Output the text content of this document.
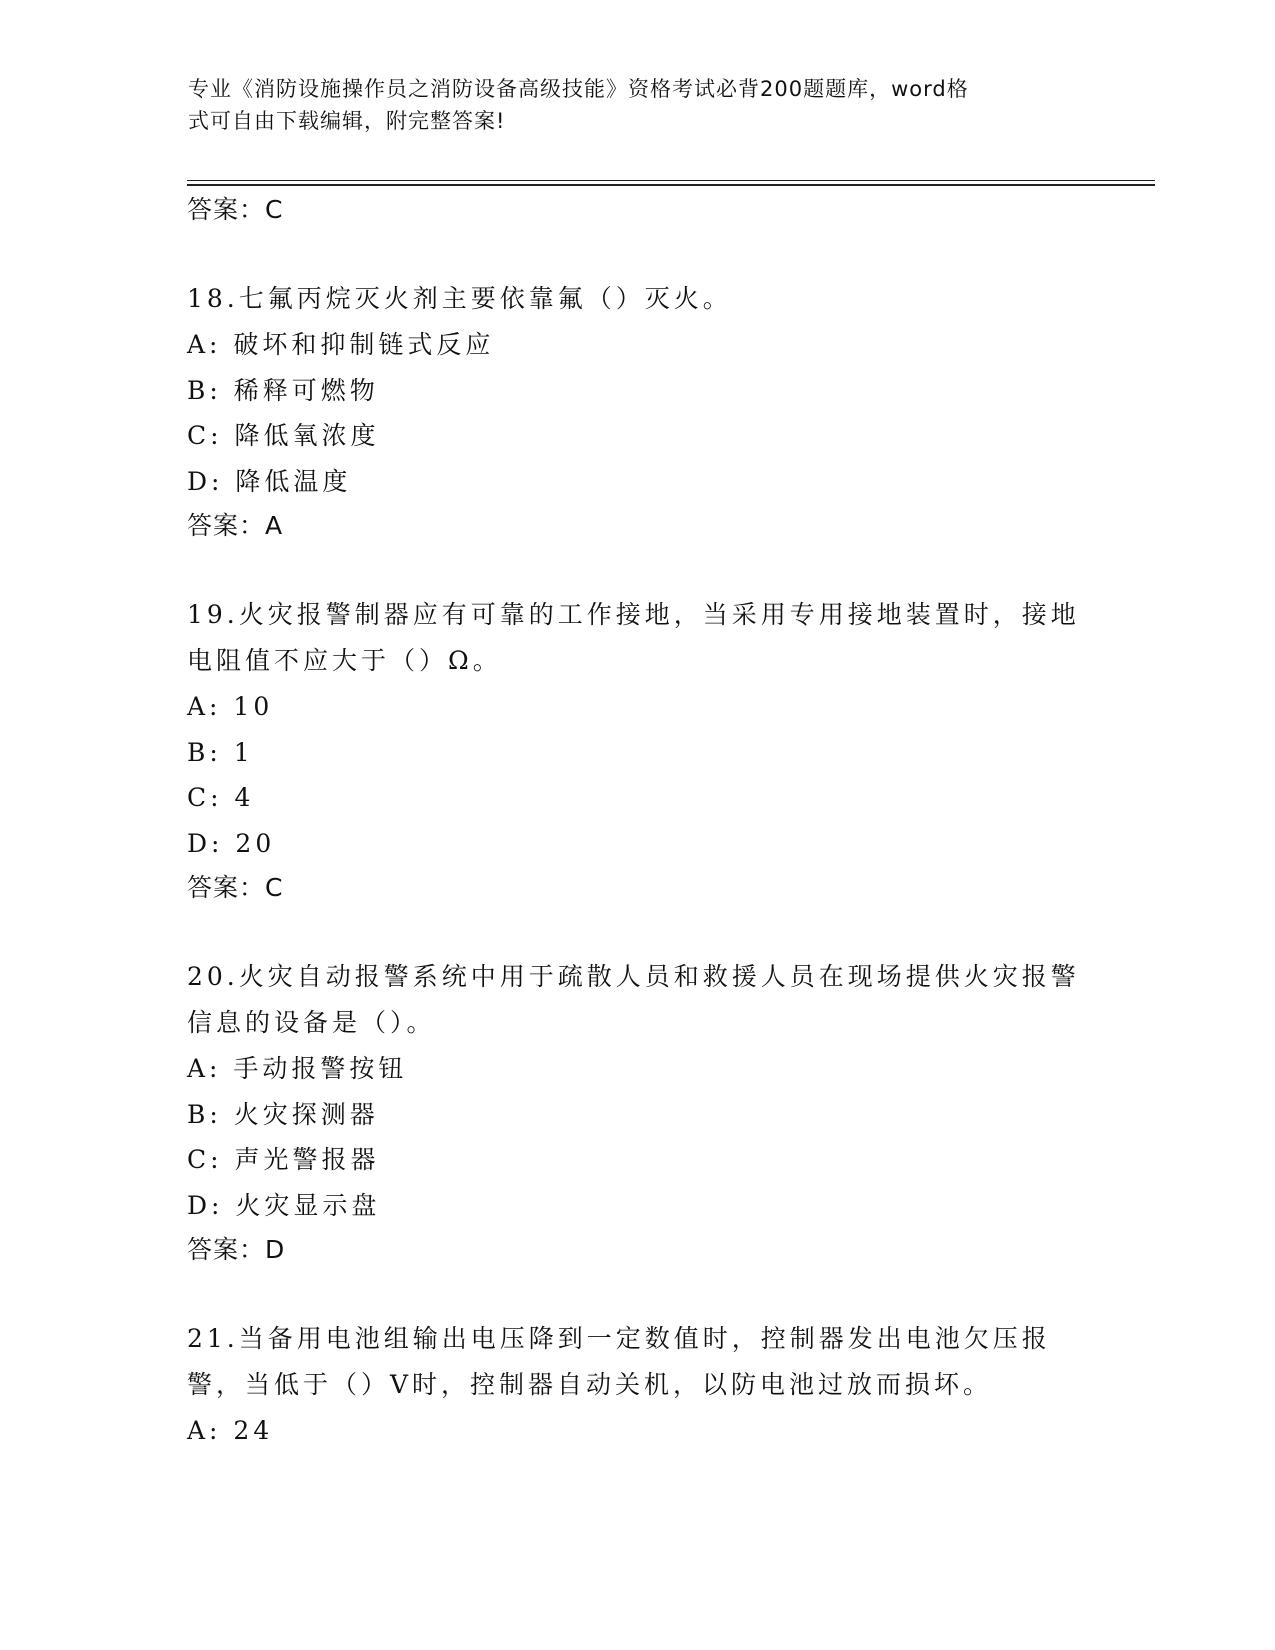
专业《消防设施操作员之消防设备高级技能》资格考试必背200题题库，word格
式可自由下载编辑，附完整答案!

答案：C

18.七氟丙烷灭火剂主要依靠氟（）灭火。

A: 破坏和抑制链式反应

B: 稀释可燃物

C: 降低氧浓度

D: 降低温度

答案：A

19.火灾报警制器应有可靠的工作接地，当采用专用接地装置时，接地电阻值不应大于（）Ω。

A: 10

B: 1

C: 4

D: 20

答案：C

20.火灾自动报警系统中用于疏散人员和救援人员在现场提供火灾报警信息的设备是（）。

A: 手动报警按钮

B: 火灾探测器

C: 声光警报器

D: 火灾显示盘

答案：D

21.当备用电池组输出电压降到一定数值时，控制器发出电池欠压报警，当低于（）V时，控制器自动关机，以防电池过放而损坏。

A: 24
